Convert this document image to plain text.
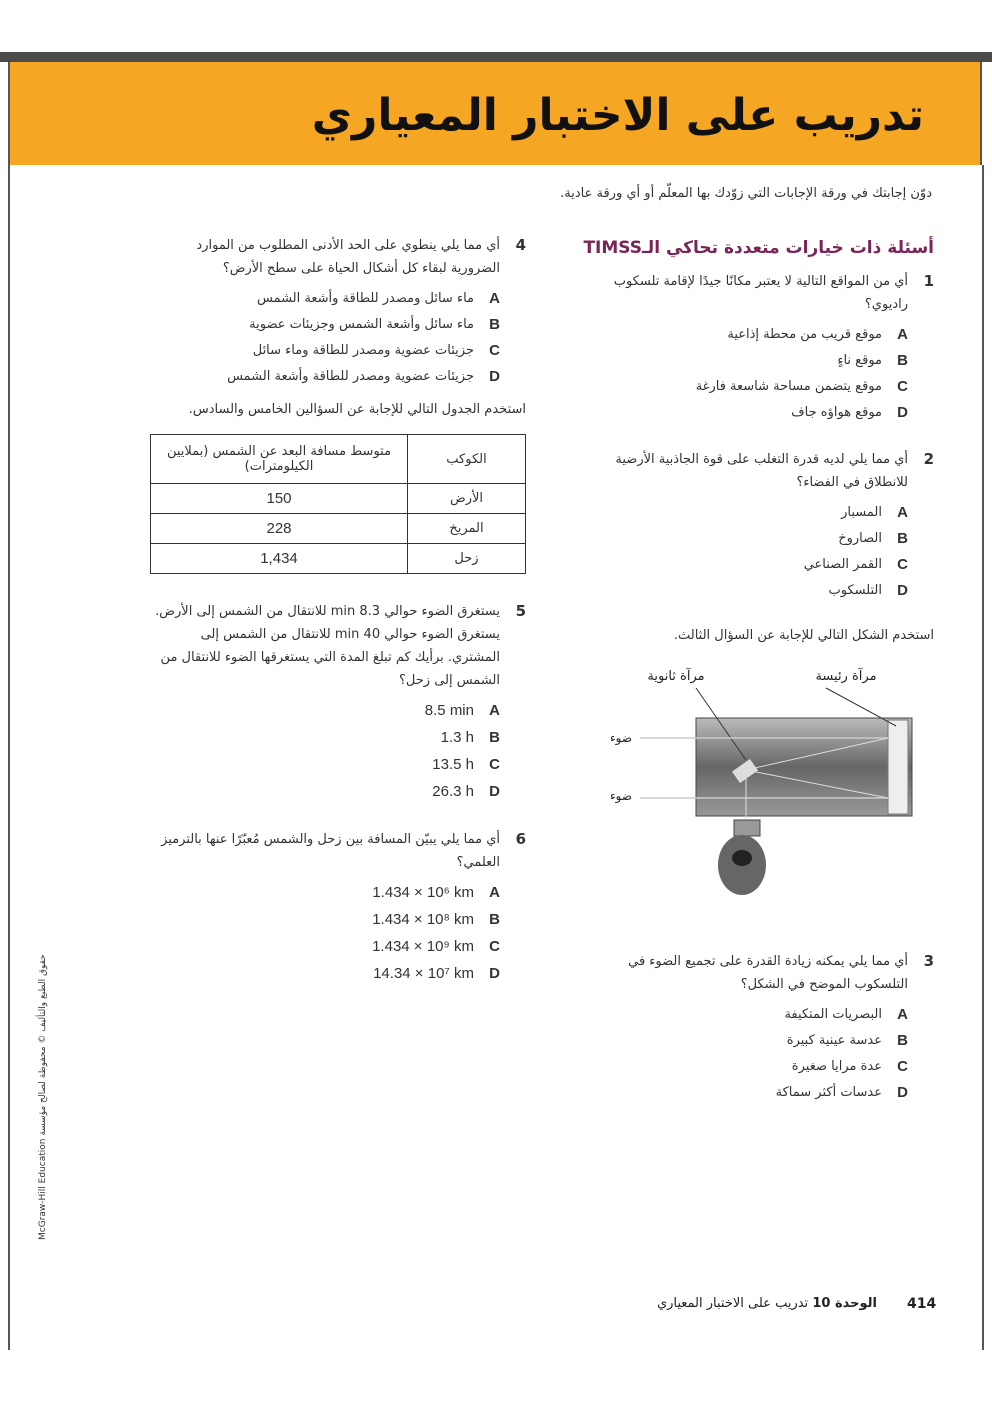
تدريب على الاختبار المعياري
دوّن إجابتك في ورقة الإجابات التي زوّدك بها المعلّم أو أي ورقة عادية.
أسئلة ذات خيارات متعددة تحاكي الـTIMSS
1
أي من المواقع التالية لا يعتبر مكانًا جيدًا لإقامة تلسكوب راديوي؟
A
موقع قريب من محطة إذاعية
B
موقع ناءٍ
C
موقع يتضمن مساحة شاسعة فارغة
D
موقع هواؤه جاف
2
أي مما يلي لديه قدرة التغلب على قوة الجاذبية الأرضية للانطلاق في الفضاء؟
A
المسبار
B
الصاروخ
C
القمر الصناعي
D
التلسكوب
استخدم الشكل التالي للإجابة عن السؤال الثالث.
3
أي مما يلي يمكنه زيادة القدرة على تجميع الضوء في التلسكوب الموضح في الشكل؟
A
البصريات المتكيفة
B
عدسة عينية كبيرة
C
عدة مرايا صغيرة
D
عدسات أكثر سماكة
مرآة رئيسة
مرآة ثانوية
ضوء
ضوء
4
أي مما يلي ينطوي على الحد الأدنى المطلوب من الموارد الضرورية لبقاء كل أشكال الحياة على سطح الأرض؟
A
ماء سائل ومصدر للطاقة وأشعة الشمس
B
ماء سائل وأشعة الشمس وجزيئات عضوية
C
جزيئات عضوية ومصدر للطاقة وماء سائل
D
جزيئات عضوية ومصدر للطاقة وأشعة الشمس
استخدم الجدول التالي للإجابة عن السؤالين الخامس والسادس.
الكوكب	متوسط مسافة البعد عن الشمس (بملايين الكيلومترات)
الأرض	150
المريخ	228
زحل	1,434
5
يستغرق الضوء حوالي 8.3 min للانتقال من الشمس إلى الأرض. يستغرق الضوء حوالي 40 min للانتقال من الشمس إلى المشتري. برأيك كم تبلغ المدة التي يستغرقها الضوء للانتقال من الشمس إلى زحل؟
A
8.5 min
B
1.3 h
C
13.5 h
D
26.3 h
6
أي مما يلي يبيّن المسافة بين زحل والشمس مُعبّرًا عنها بالترميز العلمي؟
A
1.434 × 10⁶ km
B
1.434 × 10⁸ km
C
1.434 × 10⁹ km
D
14.34 × 10⁷ km
حقوق الطبع والتأليف © محفوظة لصالح مؤسسة McGraw-Hill Education
414
الوحدة 10 تدريب على الاختبار المعياري
